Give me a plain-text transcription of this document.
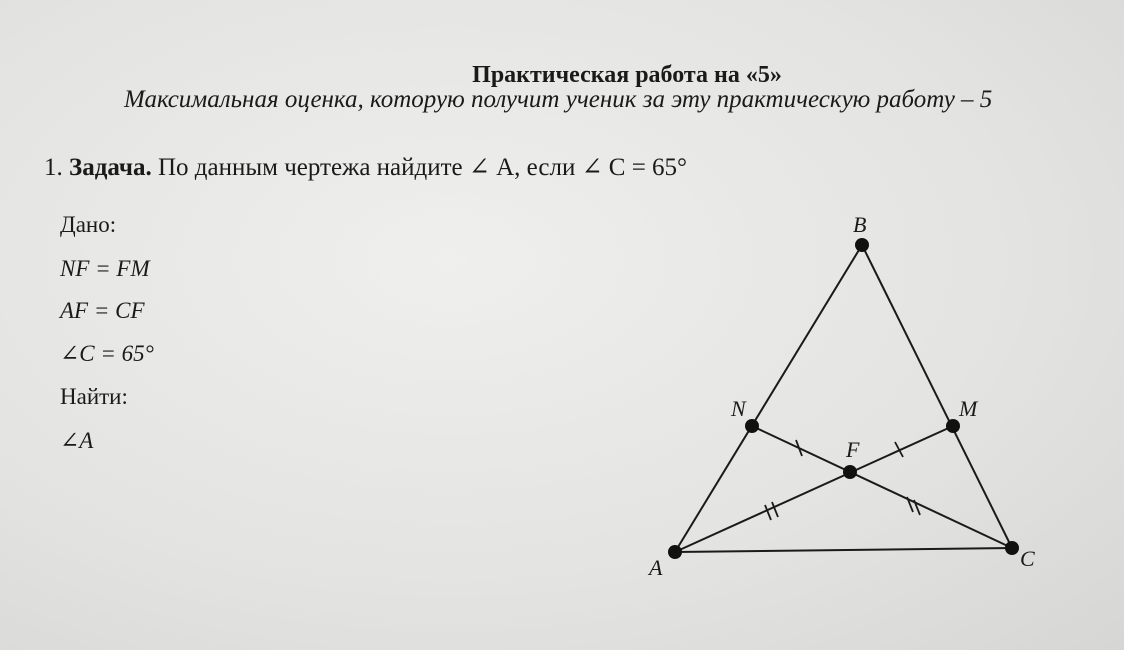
Практическая работа на «5»
Максимальная оценка, которую получит ученик за эту практическую работу – 5
1. Задача. По данным чертежа найдите ∠ A, если ∠ C = 65°
Дано:
NF = FM
AF = CF
∠C = 65°
Найти:
∠A
B
N	M
F
A	C
